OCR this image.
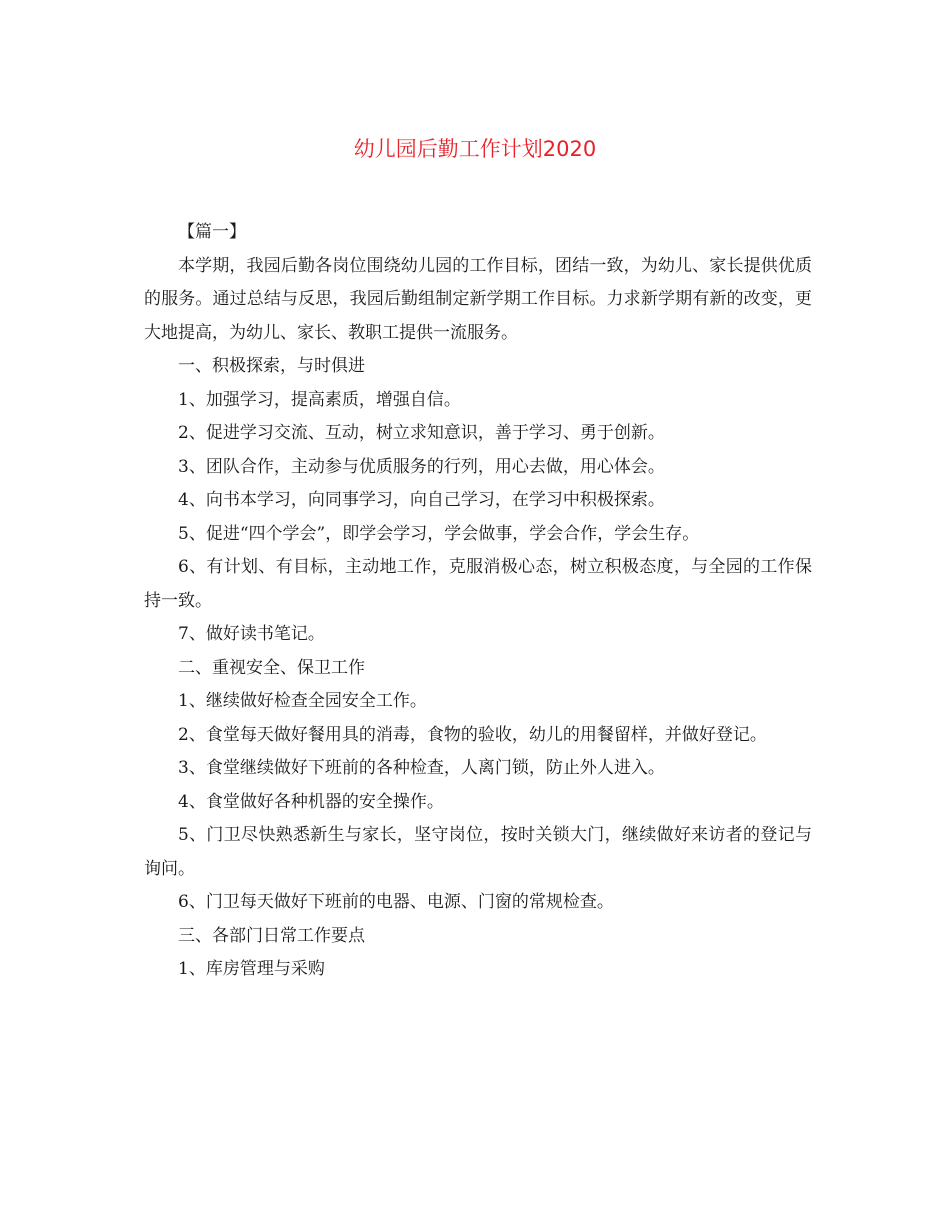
幼儿园后勤工作计划2020

【篇一】

本学期，我园后勤各岗位围绕幼儿园的工作目标，团结一致，为幼儿、家长提供优质的服务。通过总结与反思，我园后勤组制定新学期工作目标。力求新学期有新的改变，更大地提高，为幼儿、家长、教职工提供一流服务。

一、积极探索，与时俱进

1、加强学习，提高素质，增强自信。

2、促进学习交流、互动，树立求知意识，善于学习、勇于创新。

3、团队合作，主动参与优质服务的行列，用心去做，用心体会。

4、向书本学习，向同事学习，向自己学习，在学习中积极探索。

5、促进“四个学会”，即学会学习，学会做事，学会合作，学会生存。

6、有计划、有目标，主动地工作，克服消极心态，树立积极态度，与全园的工作保持一致。

7、做好读书笔记。

二、重视安全、保卫工作

1、继续做好检查全园安全工作。

2、食堂每天做好餐用具的消毒，食物的验收，幼儿的用餐留样，并做好登记。

3、食堂继续做好下班前的各种检查，人离门锁，防止外人进入。

4、食堂做好各种机器的安全操作。

5、门卫尽快熟悉新生与家长，坚守岗位，按时关锁大门，继续做好来访者的登记与询问。

6、门卫每天做好下班前的电器、电源、门窗的常规检查。

三、各部门日常工作要点

1、库房管理与采购
